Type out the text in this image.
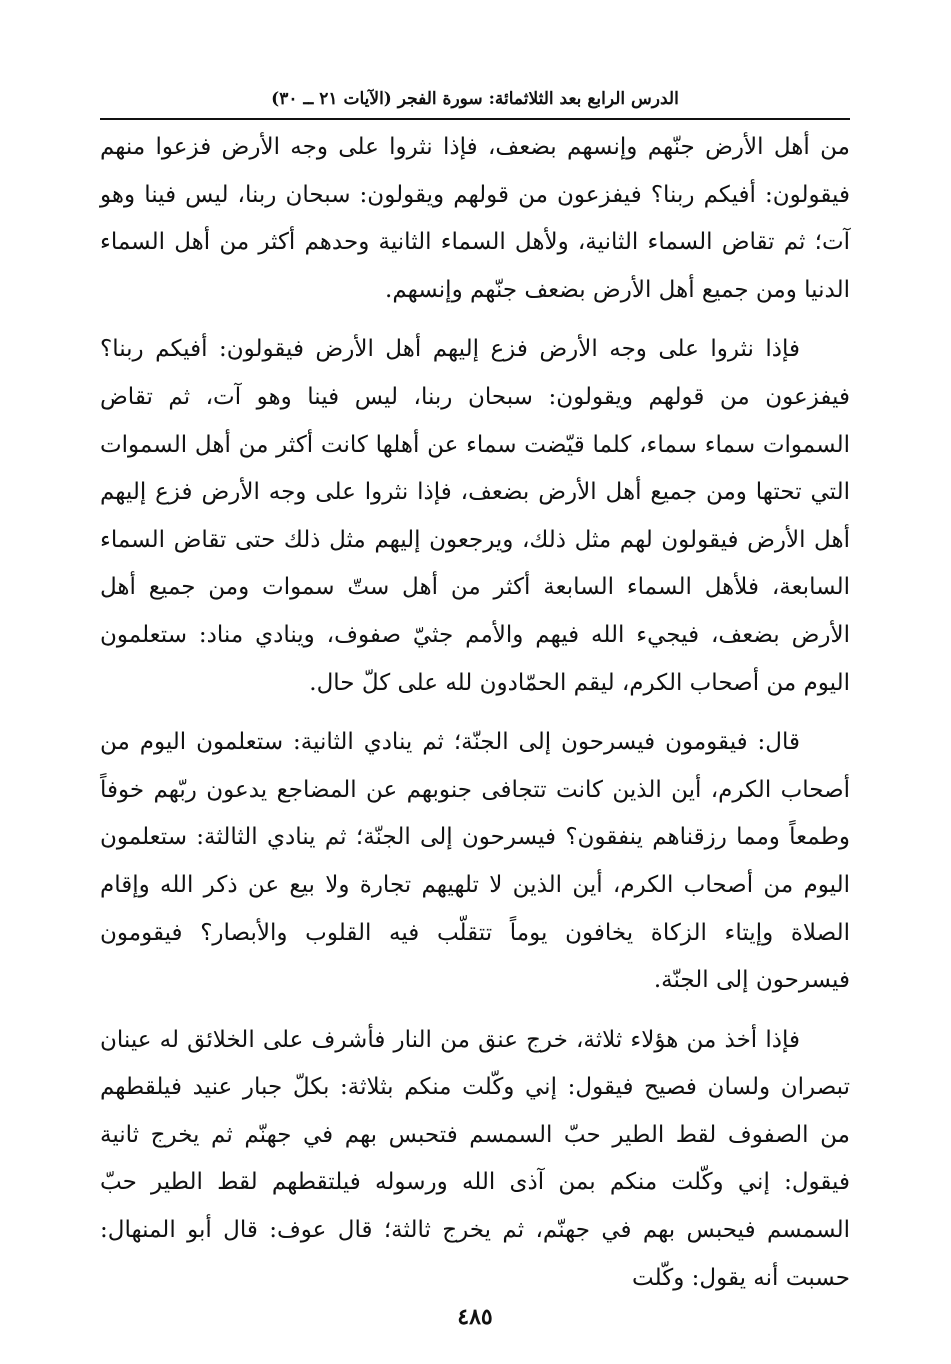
الدرس الرابع بعد الثلاثمائة: سورة الفجر (الآيات ٢١ ــ ٣٠)

من أهل الأرض جنّهم وإنسهم بضعف، فإذا نثروا على وجه الأرض فزعوا منهم فيقولون: أفيكم ربنا؟ فيفزعون من قولهم ويقولون: سبحان ربنا، ليس فينا وهو آت؛ ثم تقاض السماء الثانية، ولأهل السماء الثانية وحدهم أكثر من أهل السماء الدنيا ومن جميع أهل الأرض بضعف جنّهم وإنسهم.

فإذا نثروا على وجه الأرض فزع إليهم أهل الأرض فيقولون: أفيكم ربنا؟ فيفزعون من قولهم ويقولون: سبحان ربنا، ليس فينا وهو آت، ثم تقاض السموات سماء سماء، كلما قيّضت سماء عن أهلها كانت أكثر من أهل السموات التي تحتها ومن جميع أهل الأرض بضعف، فإذا نثروا على وجه الأرض فزع إليهم أهل الأرض فيقولون لهم مثل ذلك، ويرجعون إليهم مثل ذلك حتى تقاض السماء السابعة، فلأهل السماء السابعة أكثر من أهل ستّ سموات ومن جميع أهل الأرض بضعف، فيجيء الله فيهم والأمم جثيّ صفوف، وينادي مناد: ستعلمون اليوم من أصحاب الكرم، ليقم الحمّادون لله على كلّ حال.

قال: فيقومون فيسرحون إلى الجنّة؛ ثم ينادي الثانية: ستعلمون اليوم من أصحاب الكرم، أين الذين كانت تتجافى جنوبهم عن المضاجع يدعون ربّهم خوفاً وطمعاً ومما رزقناهم ينفقون؟ فيسرحون إلى الجنّة؛ ثم ينادي الثالثة: ستعلمون اليوم من أصحاب الكرم، أين الذين لا تلهيهم تجارة ولا بيع عن ذكر الله وإقام الصلاة وإيتاء الزكاة يخافون يوماً تتقلّب فيه القلوب والأبصار؟ فيقومون فيسرحون إلى الجنّة.

فإذا أخذ من هؤلاء ثلاثة، خرج عنق من النار فأشرف على الخلائق له عينان تبصران ولسان فصيح فيقول: إني وكّلت منكم بثلاثة: بكلّ جبار عنيد فيلقطهم من الصفوف لقط الطير حبّ السمسم فتحبس بهم في جهنّم ثم يخرج ثانية فيقول: إني وكّلت منكم بمن آذى الله ورسوله فيلتقطهم لقط الطير حبّ السمسم فيحبس بهم في جهنّم، ثم يخرج ثالثة؛ قال عوف: قال أبو المنهال: حسبت أنه يقول: وكّلت

٤٨٥
